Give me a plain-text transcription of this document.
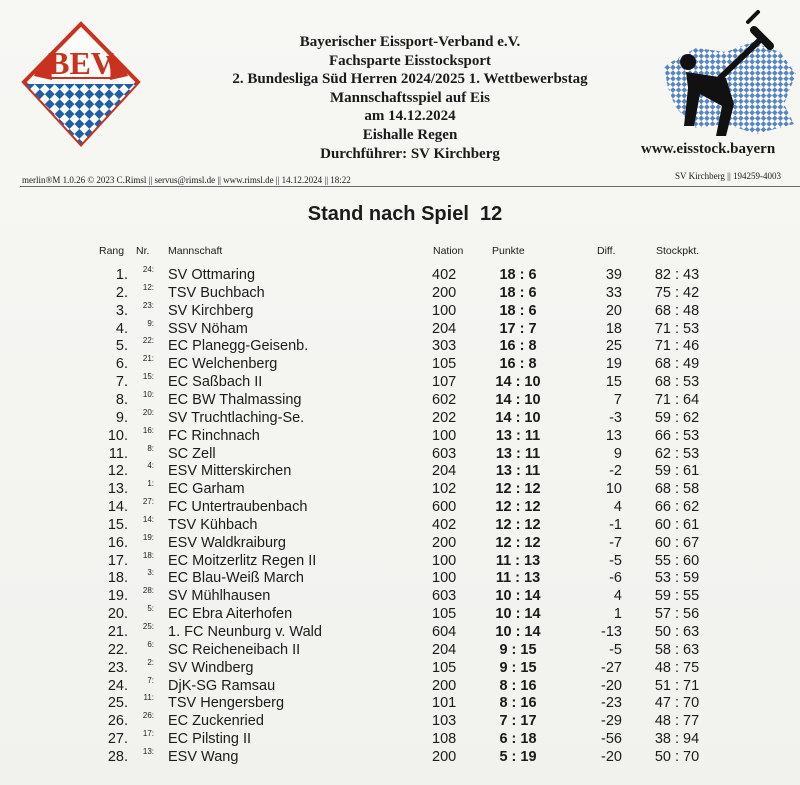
BEV
Bayerischer Eissport-Verband e.V.
Fachsparte Eisstocksport
2. Bundesliga Süd Herren 2024/2025 1. Wettbewerbstag
Mannschaftsspiel auf Eis
am 14.12.2024
Eishalle Regen
Durchführer: SV Kirchberg	www.eisstock.bayern
merlin®M 1.0.26 © 2023 C.Rimsl || servus@rimsl.de || www.rimsl.de || 14.12.2024 || 18:22	SV Kirchberg || 194259-4003
Stand nach Spiel  12
Rang Nr. Mannschaft	Nation	Punkte	Diff.	Stockpkt.
1.	24: SV Ottmaring	402	18 : 6	39	82 : 43
2.	12: TSV Buchbach	200	18 : 6	33	75 : 42
3.	23: SV Kirchberg	100	18 : 6	20	68 : 48
4.	9: SSV Nöham	204	17 : 7	18	71 : 53
5.	22: EC Planegg-Geisenb.	303	16 : 8	25	71 : 46
6.	21: EC Welchenberg	105	16 : 8	19	68 : 49
7.	15: EC Saßbach II	107	14 : 10	15	68 : 53
8.	10: EC BW Thalmassing	602	14 : 10	7	71 : 64
9.	20: SV Truchtlaching-Se.	202	14 : 10	-3	59 : 62
10.	16: FC Rinchnach	100	13 : 11	13	66 : 53
11.	8: SC Zell	603	13 : 11	9	62 : 53
12.	4: ESV Mitterskirchen	204	13 : 11	-2	59 : 61
13.	1: EC Garham	102	12 : 12	10	68 : 58
14.	27: FC Untertraubenbach	600	12 : 12	4	66 : 62
15.	14: TSV Kühbach	402	12 : 12	-1	60 : 61
16.	19: ESV Waldkraiburg	200	12 : 12	-7	60 : 67
17.	18: EC Moitzerlitz Regen II	100	11 : 13	-5	55 : 60
18.	3: EC Blau-Weiß March	100	11 : 13	-6	53 : 59
19.	28: SV Mühlhausen	603	10 : 14	4	59 : 55
20.	5: EC Ebra Aiterhofen	105	10 : 14	1	57 : 56
21.	25: 1. FC Neunburg v. Wald	604	10 : 14	-13	50 : 63
22.	6: SC Reicheneibach II	204	9 : 15	-5	58 : 63
23.	2: SV Windberg	105	9 : 15	-27	48 : 75
24.	7: DjK-SG Ramsau	200	8 : 16	-20	51 : 71
25.	11: TSV Hengersberg	101	8 : 16	-23	47 : 70
26.	26: EC Zuckenried	103	7 : 17	-29	48 : 77
27.	17: EC Pilsting II	108	6 : 18	-56	38 : 94
28.	13: ESV Wang	200	5 : 19	-20	50 : 70
